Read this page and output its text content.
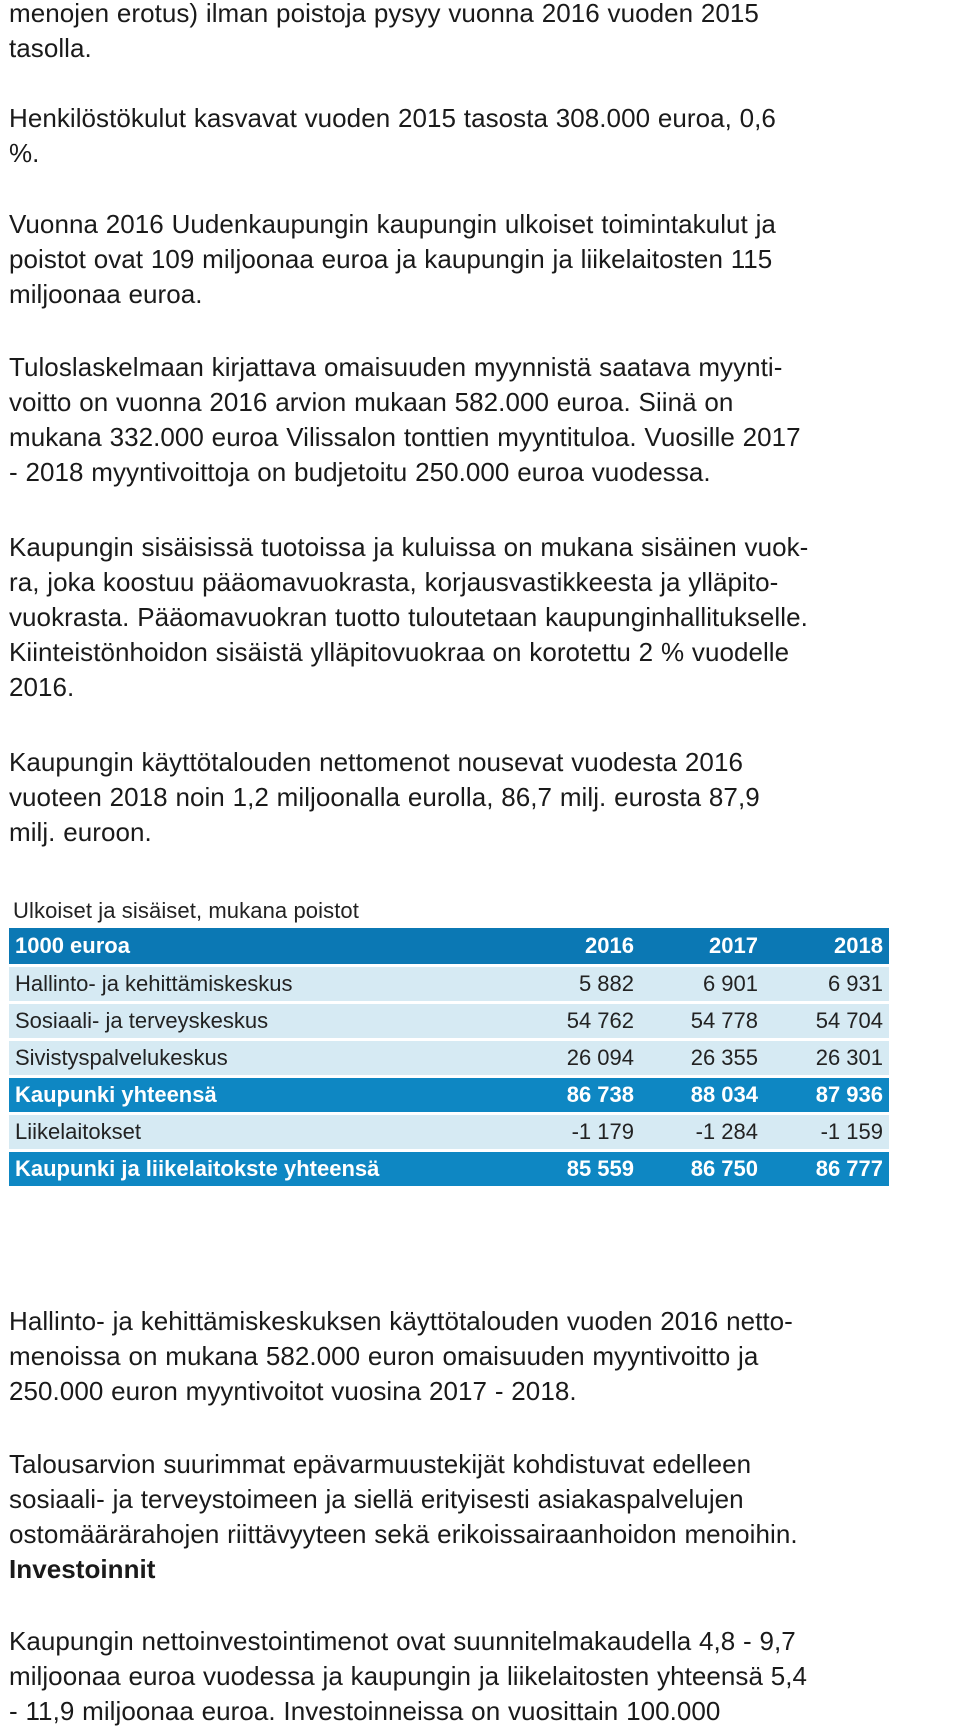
menojen erotus) ilman poistoja pysyy vuonna 2016 vuoden 2015
tasolla.

Henkilöstökulut kasvavat vuoden 2015 tasosta 308.000 euroa, 0,6
%.

Vuonna 2016 Uudenkaupungin kaupungin ulkoiset toimintakulut ja
poistot ovat 109 miljoonaa euroa ja kaupungin ja liikelaitosten 115
miljoonaa euroa.

Tuloslaskelmaan kirjattava omaisuuden myynnistä saatava myynti-
voitto on vuonna 2016 arvion mukaan 582.000 euroa. Siinä on
mukana 332.000 euroa Vilissalon tonttien myyntituloa. Vuosille 2017
- 2018 myyntivoittoja on budjetoitu 250.000 euroa vuodessa.

Kaupungin sisäisissä tuotoissa ja kuluissa on mukana sisäinen vuok-
ra, joka koostuu pääomavuokrasta, korjausvastikkeesta ja ylläpito-
vuokrasta. Pääomavuokran tuotto tuloutetaan kaupunginhallitukselle.
Kiinteistönhoidon sisäistä ylläpitovuokraa on korotettu 2 % vuodelle
2016.

Kaupungin käyttötalouden nettomenot nousevat vuodesta 2016
vuoteen 2018 noin 1,2 miljoonalla eurolla, 86,7 milj. eurosta 87,9
milj. euroon.

Ulkoiset ja sisäiset, mukana poistot
1000 euroa	2016	2017	2018
Hallinto- ja kehittämiskeskus	5 882	6 901	6 931
Sosiaali- ja terveyskeskus	54 762	54 778	54 704
Sivistyspalvelukeskus	26 094	26 355	26 301
Kaupunki yhteensä	86 738	88 034	87 936
Liikelaitokset	-1 179	-1 284	-1 159
Kaupunki ja liikelaitokste yhteensä	85 559	86 750	86 777

Hallinto- ja kehittämiskeskuksen käyttötalouden vuoden 2016 netto-
menoissa on mukana 582.000 euron omaisuuden myyntivoitto ja
250.000 euron myyntivoitot vuosina 2017 - 2018.

Talousarvion suurimmat epävarmuustekijät kohdistuvat edelleen
sosiaali- ja terveystoimeen ja siellä erityisesti asiakaspalvelujen
ostomäärärahojen riittävyyteen sekä erikoissairaanhoidon menoihin.
Investoinnit

Kaupungin nettoinvestointimenot ovat suunnitelmakaudella 4,8 - 9,7
miljoonaa euroa vuodessa ja kaupungin ja liikelaitosten yhteensä 5,4
- 11,9 miljoonaa euroa. Investoinneissa on vuosittain 100.000
